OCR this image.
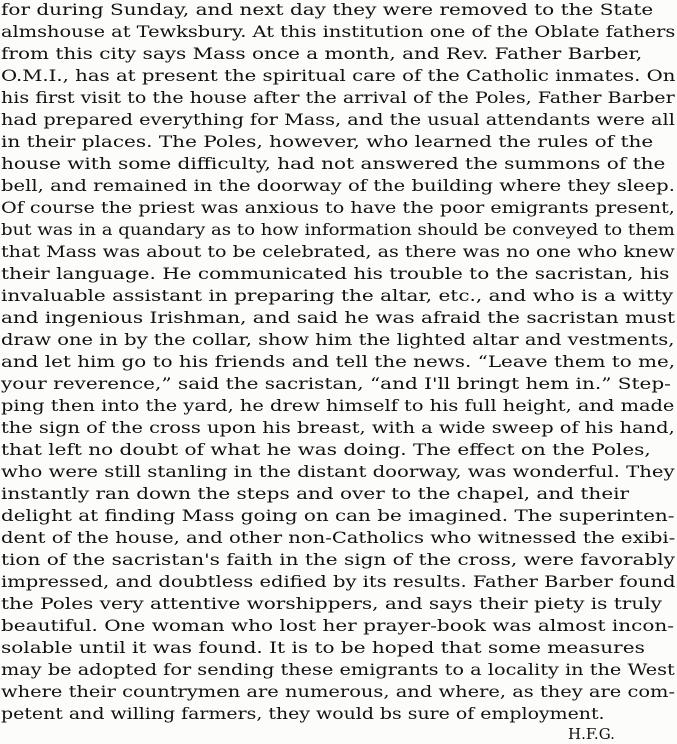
for during Sunday, and next day they were removed to the State
almshouse at Tewksbury. At this institution one of the Oblate fathers
from this city says Mass once a month, and Rev. Father Barber,
O.M.I., has at present the spiritual care of the Catholic inmates. On
his first visit to the house after the arrival of the Poles, Father Barber
had prepared everything for Mass, and the usual attendants were all
in their places. The Poles, however, who learned the rules of the
house with some difficulty, had not answered the summons of the
bell, and remained in the doorway of the building where they sleep.
Of course the priest was anxious to have the poor emigrants present,
but was in a quandary as to how information should be conveyed to them
that Mass was about to be celebrated, as there was no one who knew
their language. He communicated his trouble to the sacristan, his
invaluable assistant in preparing the altar, etc., and who is a witty
and ingenious Irishman, and said he was afraid the sacristan must
draw one in by the collar, show him the lighted altar and vestments,
and let him go to his friends and tell the news. “Leave them to me,
your reverence,” said the sacristan, “and I'll bringt hem in.” Step-
ping then into the yard, he drew himself to his full height, and made
the sign of the cross upon his breast, with a wide sweep of his hand,
that left no doubt of what he was doing. The effect on the Poles,
who were still stanling in the distant doorway, was wonderful. They
instantly ran down the steps and over to the chapel, and their
delight at finding Mass going on can be imagined. The superinten-
dent of the house, and other non-Catholics who witnessed the exibi-
tion of the sacristan's faith in the sign of the cross, were favorably
impressed, and doubtless edified by its results. Father Barber found
the Poles very attentive worshippers, and says their piety is truly
beautiful. One woman who lost her prayer-book was almost incon-
solable until it was found. It is to be hoped that some measures
may be adopted for sending these emigrants to a locality in the West
where their countrymen are numerous, and where, as they are com-
petent and willing farmers, they would bs sure of employment.
H.F.G.
